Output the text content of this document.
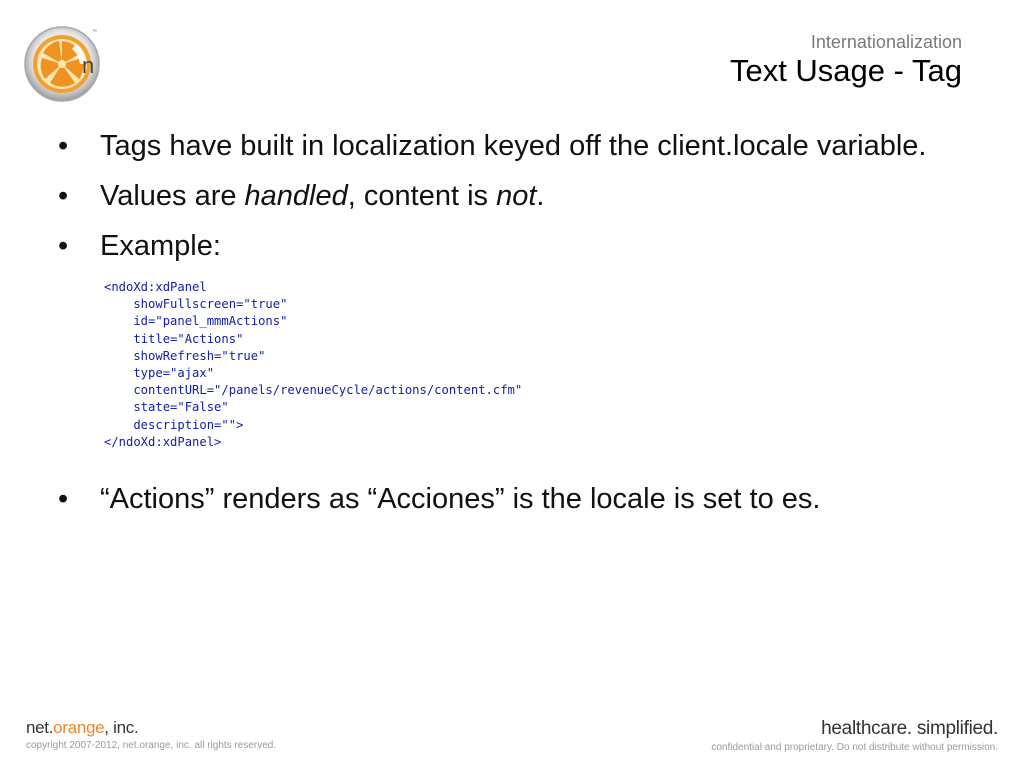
n
™	Internationalization
Text Usage - Tag
• Tags have built in localization keyed off the client.locale variable.
• Values are handled, content is not.
• Example:
<ndoXd:xdPanel
showFullscreen="true"
id="panel_mmmActions"
title="Actions"
showRefresh="true"
type="ajax"
contentURL="/panels/revenueCycle/actions/content.cfm"
state="False"
description="">
</ndoXd:xdPanel>
• “Actions” renders as “Acciones” is the locale is set to es.
net.orange, inc.
copyright 2007-2012, net.orange, inc. all rights reserved.
healthcare. simplified.
confidential and proprietary. Do not distribute without permission.
